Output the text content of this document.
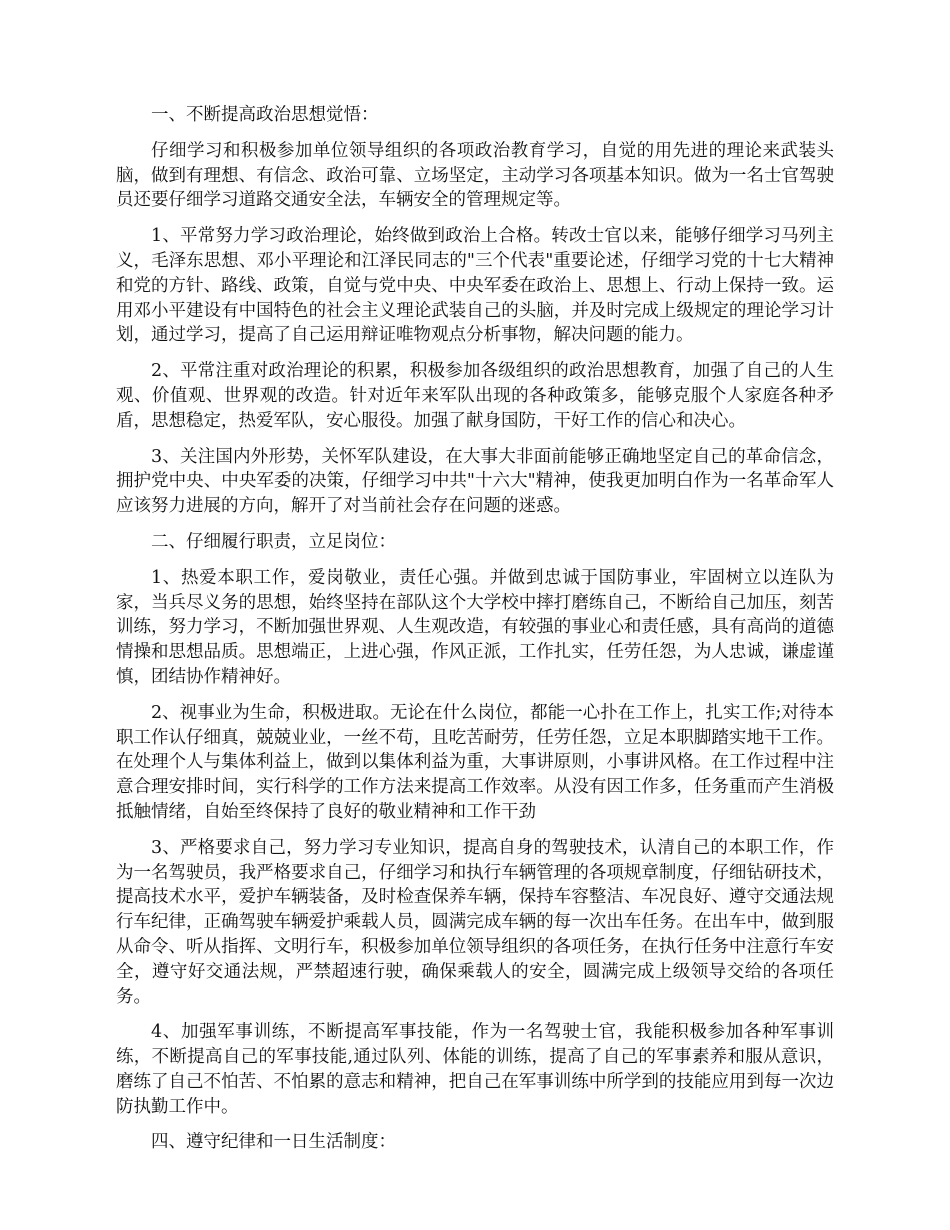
一、不断提高政治思想觉悟：

仔细学习和积极参加单位领导组织的各项政治教育学习，自觉的用先进的理论来武装头脑，做到有理想、有信念、政治可靠、立场坚定，主动学习各项基本知识。做为一名士官驾驶员还要仔细学习道路交通安全法，车辆安全的管理规定等。

1、平常努力学习政治理论，始终做到政治上合格。转改士官以来，能够仔细学习马列主义，毛泽东思想、邓小平理论和江泽民同志的"三个代表"重要论述，仔细学习党的十七大精神和党的方针、路线、政策，自觉与党中央、中央军委在政治上、思想上、行动上保持一致。运用邓小平建设有中国特色的社会主义理论武装自己的头脑，并及时完成上级规定的理论学习计划，通过学习，提高了自己运用辩证唯物观点分析事物，解决问题的能力。

2、平常注重对政治理论的积累，积极参加各级组织的政治思想教育，加强了自己的人生观、价值观、世界观的改造。针对近年来军队出现的各种政策多，能够克服个人家庭各种矛盾，思想稳定，热爱军队，安心服役。加强了献身国防，干好工作的信心和决心。

3、关注国内外形势，关怀军队建设，在大事大非面前能够正确地坚定自己的革命信念，拥护党中央、中央军委的决策，仔细学习中共"十六大"精神，使我更加明白作为一名革命军人应该努力进展的方向，解开了对当前社会存在问题的迷惑。

二、仔细履行职责，立足岗位：

1、热爱本职工作，爱岗敬业，责任心强。并做到忠诚于国防事业，牢固树立以连队为家，当兵尽义务的思想，始终坚持在部队这个大学校中摔打磨练自己，不断给自己加压，刻苦训练，努力学习，不断加强世界观、人生观改造，有较强的事业心和责任感，具有高尚的道德情操和思想品质。思想端正，上进心强，作风正派，工作扎实，任劳任怨，为人忠诚，谦虚谨慎，团结协作精神好。

2、视事业为生命，积极进取。无论在什么岗位，都能一心扑在工作上，扎实工作;对待本职工作认仔细真，兢兢业业，一丝不苟，且吃苦耐劳，任劳任怨，立足本职脚踏实地干工作。在处理个人与集体利益上，做到以集体利益为重，大事讲原则，小事讲风格。在工作过程中注意合理安排时间，实行科学的工作方法来提高工作效率。从没有因工作多，任务重而产生消极抵触情绪，自始至终保持了良好的敬业精神和工作干劲

3、严格要求自己，努力学习专业知识，提高自身的驾驶技术，认清自己的本职工作，作为一名驾驶员，我严格要求自己，仔细学习和执行车辆管理的各项规章制度，仔细钻研技术，提高技术水平，爱护车辆装备，及时检查保养车辆，保持车容整洁、车况良好、遵守交通法规行车纪律，正确驾驶车辆爱护乘载人员，圆满完成车辆的每一次出车任务。在出车中，做到服从命令、听从指挥、文明行车，积极参加单位领导组织的各项任务，在执行任务中注意行车安全，遵守好交通法规，严禁超速行驶，确保乘载人的安全，圆满完成上级领导交给的各项任务。

4、加强军事训练，不断提高军事技能，作为一名驾驶士官，我能积极参加各种军事训练，不断提高自己的军事技能,通过队列、体能的训练，提高了自己的军事素养和服从意识，磨练了自己不怕苦、不怕累的意志和精神，把自己在军事训练中所学到的技能应用到每一次边防执勤工作中。

四、遵守纪律和一日生活制度：
